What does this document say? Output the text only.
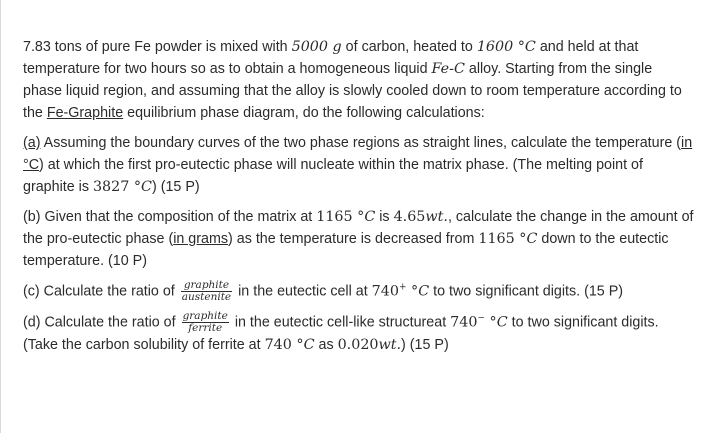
7.83 tons of pure Fe powder is mixed with 5000 g of carbon, heated to 1600 °C and held at that temperature for two hours so as to obtain a homogeneous liquid Fe-C alloy. Starting from the single phase liquid region, and assuming that the alloy is slowly cooled down to room temperature according to the Fe-Graphite equilibrium phase diagram, do the following calculations:

(a) Assuming the boundary curves of the two phase regions as straight lines, calculate the temperature (in °C) at which the first pro-eutectic phase will nucleate within the matrix phase. (The melting point of graphite is 3827 °C) (15 P)

(b) Given that the composition of the matrix at 1165 °C is 4.65wt., calculate the change in the amount of the pro-eutectic phase (in grams) as the temperature is decreased from 1165 °C down to the eutectic temperature. (10 P)

(c) Calculate the ratio of $\frac{\text{graphite}}{\text{austenite}}$ in the eutectic cell at 740+ °C to two significant digits. (15 P)

(d) Calculate the ratio of $\frac{\text{graphite}}{\text{ferrite}}$ in the eutectic cell-like structureat 740− °C to two significant digits. (Take the carbon solubility of ferrite at 740 °C as 0.020wt.) (15 P)
